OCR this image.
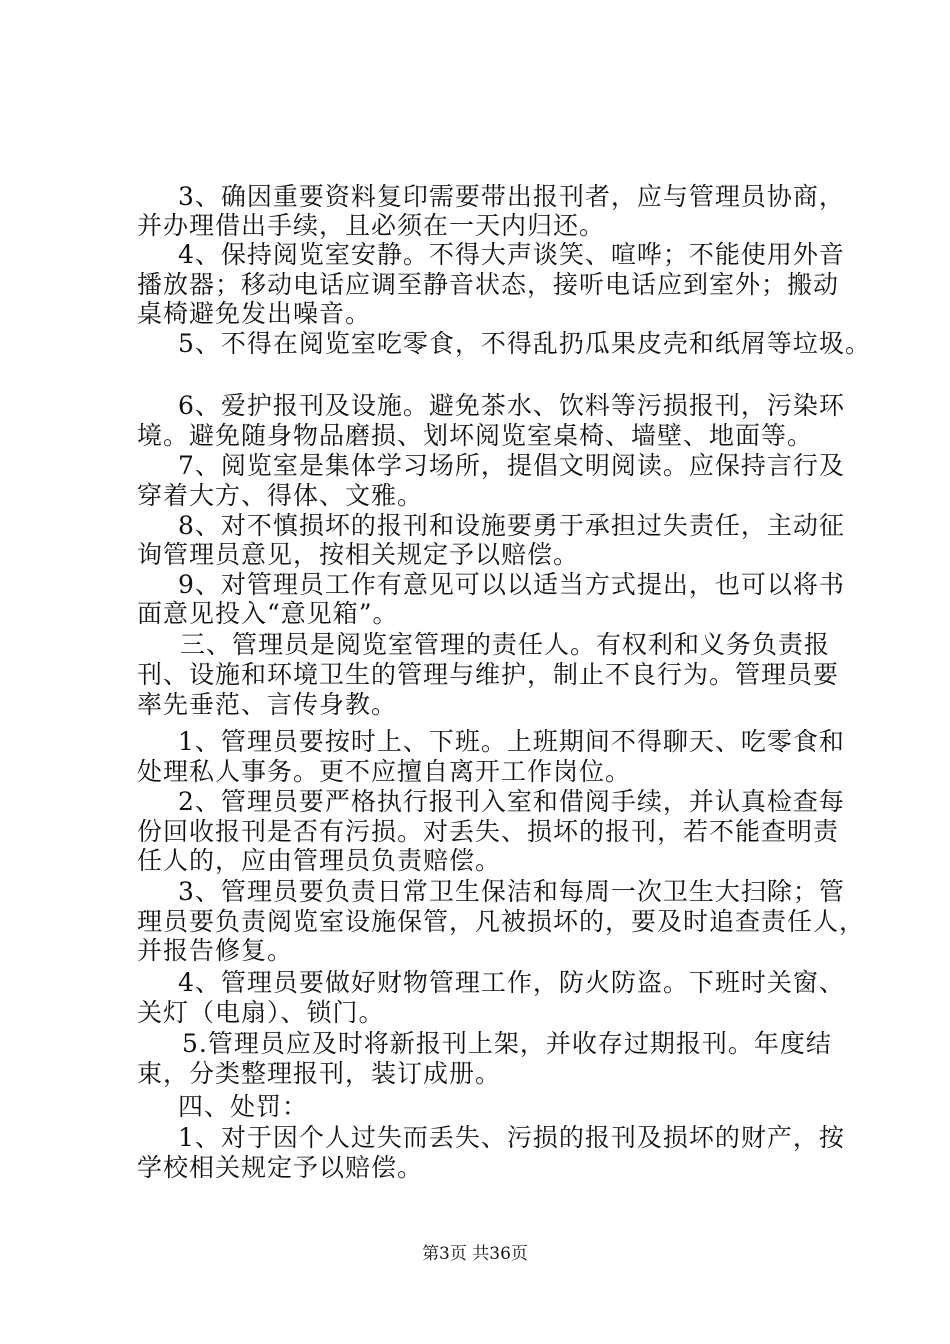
3、确因重要资料复印需要带出报刊者，应与管理员协商，
并办理借出手续，且必须在一天内归还。
4、保持阅览室安静。不得大声谈笑、喧哗；不能使用外音
播放器；移动电话应调至静音状态，接听电话应到室外；搬动
桌椅避免发出噪音。
5、不得在阅览室吃零食，不得乱扔瓜果皮壳和纸屑等垃圾。
6、爱护报刊及设施。避免茶水、饮料等污损报刊，污染环
境。避免随身物品磨损、划坏阅览室桌椅、墙壁、地面等。
7、阅览室是集体学习场所，提倡文明阅读。应保持言行及
穿着大方、得体、文雅。
8、对不慎损坏的报刊和设施要勇于承担过失责任，主动征
询管理员意见，按相关规定予以赔偿。
9、对管理员工作有意见可以以适当方式提出，也可以将书
面意见投入“意见箱”。
三、管理员是阅览室管理的责任人。有权利和义务负责报
刊、设施和环境卫生的管理与维护，制止不良行为。管理员要
率先垂范、言传身教。
1、管理员要按时上、下班。上班期间不得聊天、吃零食和
处理私人事务。更不应擅自离开工作岗位。
2、管理员要严格执行报刊入室和借阅手续，并认真检查每
份回收报刊是否有污损。对丢失、损坏的报刊，若不能查明责
任人的，应由管理员负责赔偿。
3、管理员要负责日常卫生保洁和每周一次卫生大扫除；管
理员要负责阅览室设施保管，凡被损坏的，要及时追查责任人，
并报告修复。
4、管理员要做好财物管理工作，防火防盗。下班时关窗、
关灯（电扇）、锁门。
5.管理员应及时将新报刊上架，并收存过期报刊。年度结
束，分类整理报刊，装订成册。
四、处罚：
1、对于因个人过失而丢失、污损的报刊及损坏的财产，按
学校相关规定予以赔偿。
第3页 共36页
